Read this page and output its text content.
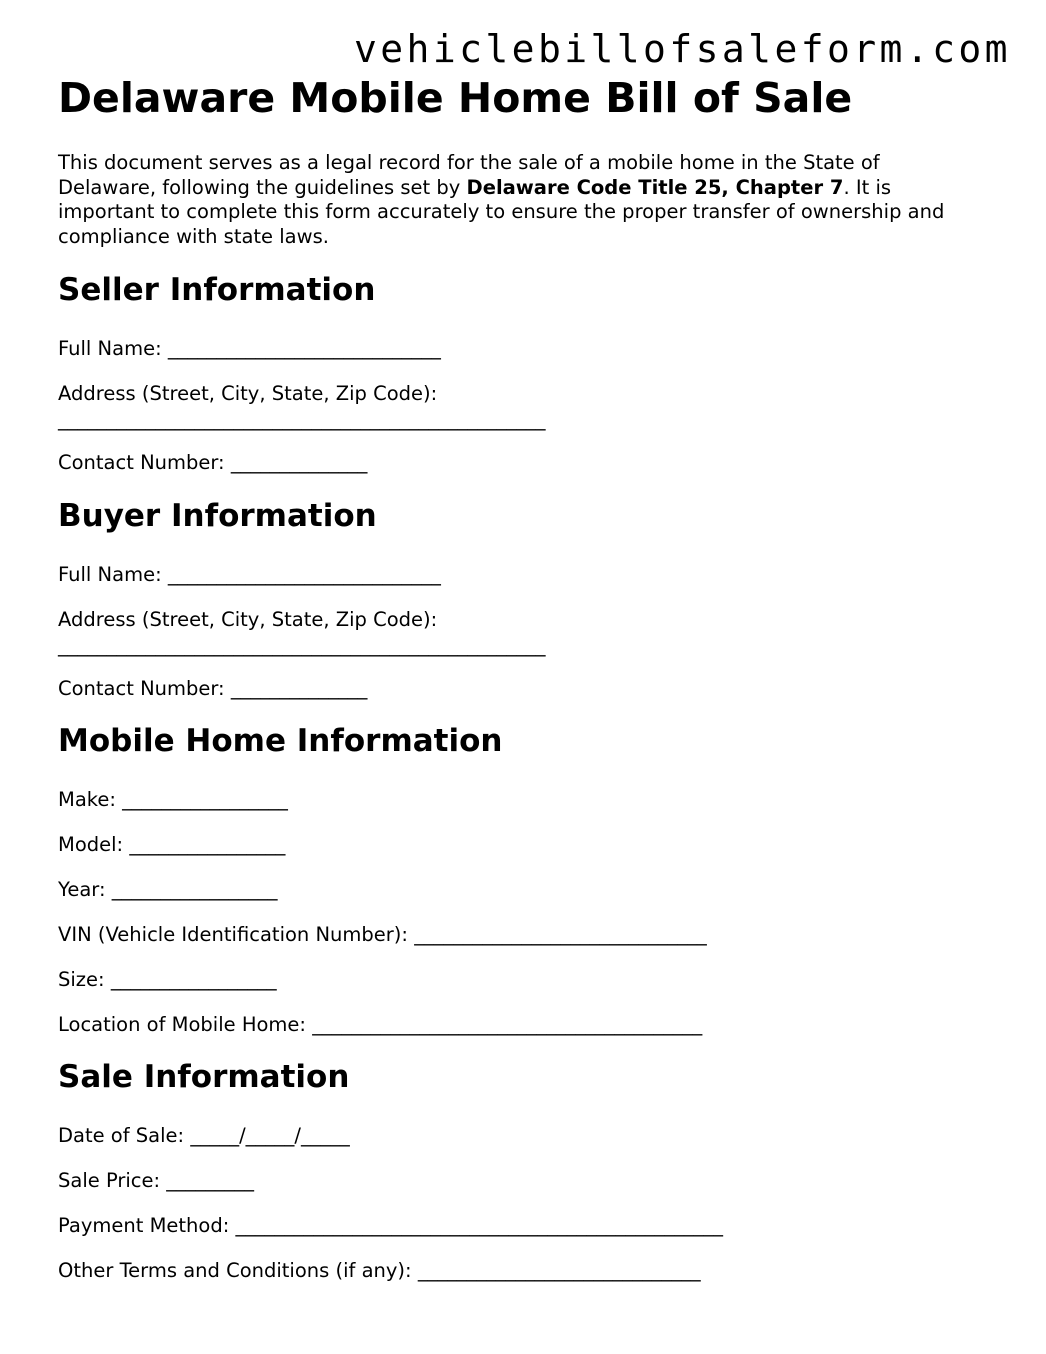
vehiclebillofsaleform.com
Delaware Mobile Home Bill of Sale

This document serves as a legal record for the sale of a mobile home in the State of Delaware, following the guidelines set by Delaware Code Title 25, Chapter 7. It is important to complete this form accurately to ensure the proper transfer of ownership and compliance with state laws.

Seller Information
Full Name: ____________________________
Address (Street, City, State, Zip Code):
__________________________________________________
Contact Number: ______________
Buyer Information
Full Name: ____________________________
Address (Street, City, State, Zip Code):
__________________________________________________
Contact Number: ______________
Mobile Home Information
Make: _________________
Model: ________________
Year: _________________
VIN (Vehicle Identification Number): ______________________________
Size: _________________
Location of Mobile Home: ________________________________________
Sale Information
Date of Sale: _____/_____/_____
Sale Price: _________
Payment Method: __________________________________________________
Other Terms and Conditions (if any): _____________________________
